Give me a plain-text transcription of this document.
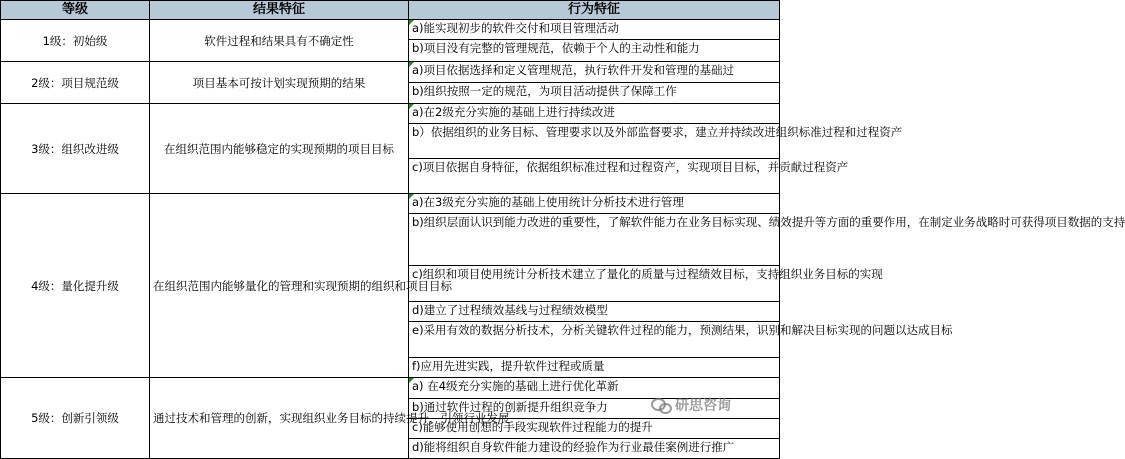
等级	结果特征	行为特征
1级：初始级	软件过程和结果具有不确定性	a)能实现初步的软件交付和项目管理活动
		b)项目没有完整的管理规范，依赖于个人的主动性和能力
2级：项目规范级	项目基本可按计划实现预期的结果	a)项目依据选择和定义管理规范，执行软件开发和管理的基础过
		b)组织按照一定的规范，为项目活动提供了保障工作
3级：组织改进级	在组织范围内能够稳定的实现预期的项目目标	a)在2级充分实施的基础上进行持续改进
		b）依据组织的业务目标、管理要求以及外部监督要求，建立并持续改进组织标准过程和过程资产
		c)项目依据自身特征，依据组织标准过程和过程资产，实现项目目标，并贡献过程资产
4级：量化提升级	在组织范围内能够量化的管理和实现预期的组织和项目目标	a)在3级充分实施的基础上使用统计分析技术进行管理
		b)组织层面认识到能力改进的重要性，了解软件能力在业务目标实现、绩效提升等方面的重要作用，在制定业务战略时可获得项目数据的支持
		c)组织和项目使用统计分析技术建立了量化的质量与过程绩效目标，支持组织业务目标的实现
		d)建立了过程绩效基线与过程绩效模型
		e)采用有效的数据分析技术，分析关键软件过程的能力，预测结果，识别和解决目标实现的问题以达成目标
		f)应用先进实践，提升软件过程或质量
5级：创新引领级	通过技术和管理的创新，实现组织业务目标的持续提升，引领行业发展	a) 在4级充分实施的基础上进行优化革新
		b)通过软件过程的创新提升组织竞争力
		c)能够使用创想的手段实现软件过程能力的提升
		d)能将组织自身软件能力建设的经验作为行业最佳案例进行推广
研思咨询
